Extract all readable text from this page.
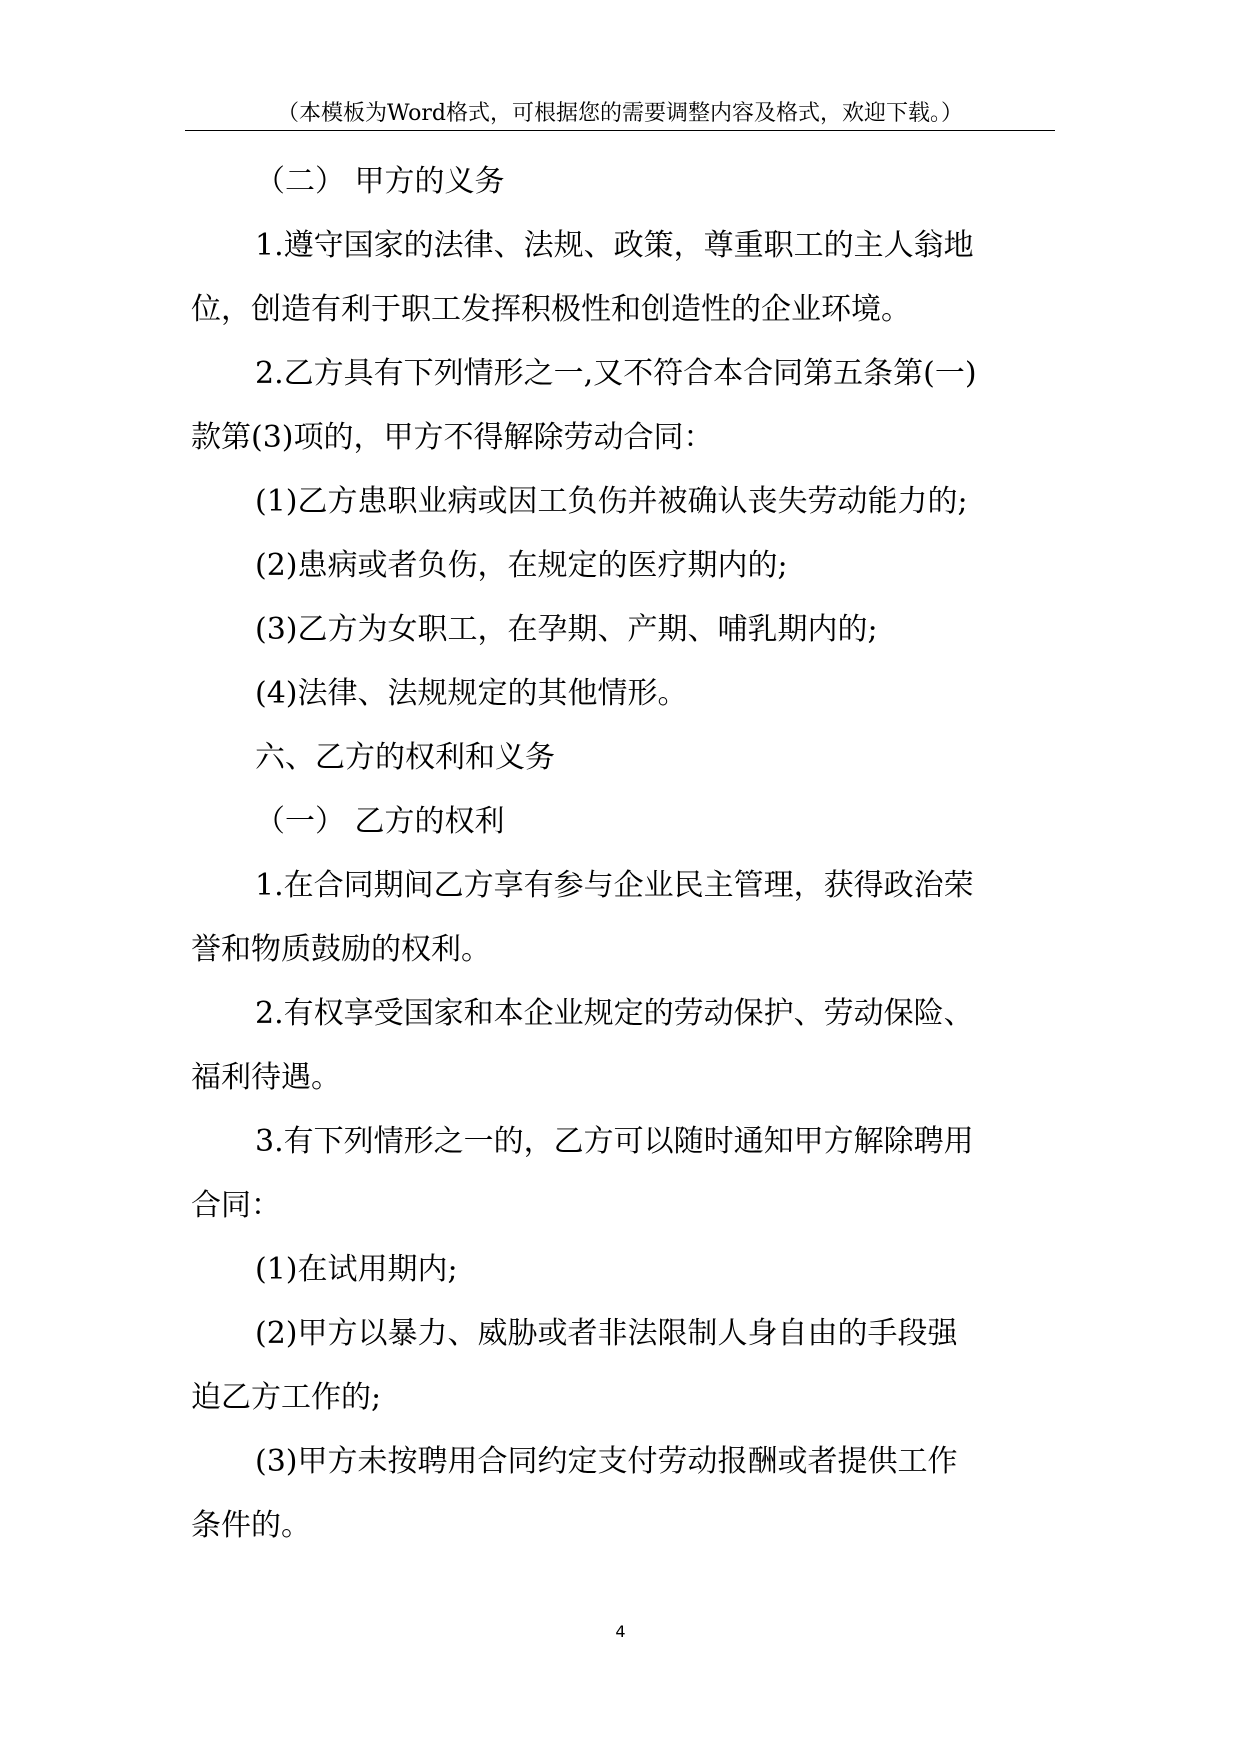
（本模板为Word格式，可根据您的需要调整内容及格式，欢迎下载。）

（二） 甲方的义务

1.遵守国家的法律、法规、政策，尊重职工的主人翁地
位，创造有利于职工发挥积极性和创造性的企业环境。

2.乙方具有下列情形之一,又不符合本合同第五条第(一)
款第(3)项的，甲方不得解除劳动合同：

(1)乙方患职业病或因工负伤并被确认丧失劳动能力的;

(2)患病或者负伤，在规定的医疗期内的;

(3)乙方为女职工，在孕期、产期、哺乳期内的;

(4)法律、法规规定的其他情形。

六、乙方的权利和义务

（一） 乙方的权利

1.在合同期间乙方享有参与企业民主管理，获得政治荣
誉和物质鼓励的权利。

2.有权享受国家和本企业规定的劳动保护、劳动保险、
福利待遇。

3.有下列情形之一的，乙方可以随时通知甲方解除聘用
合同：

(1)在试用期内;

(2)甲方以暴力、威胁或者非法限制人身自由的手段强
迫乙方工作的;

(3)甲方未按聘用合同约定支付劳动报酬或者提供工作
条件的。

4
